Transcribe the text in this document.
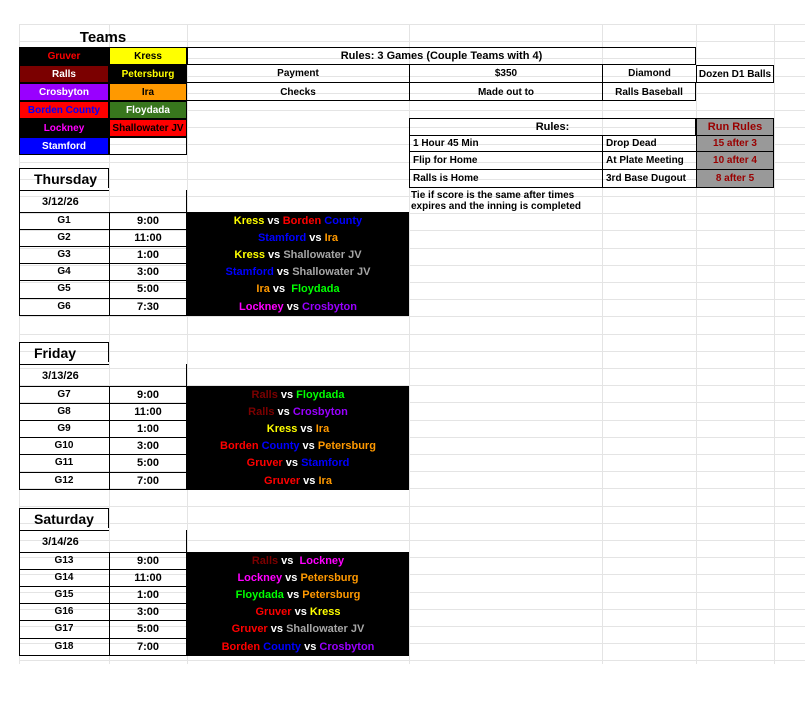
Teams
Gruver	Kress
Ralls	Petersburg
Crosbyton	Ira
Borden County	Floydada
Lockney	Shallowater JV
Stamford
Rules: 3 Games (Couple Teams with 4)
Payment	$350	Diamond	Dozen D1 Balls
Checks	Made out to	Ralls Baseball
Rules:	Run Rules
1 Hour 45 Min	Drop Dead	15 after 3
Flip for Home	At Plate Meeting	10 after 4
Ralls is Home	3rd Base Dugout	8 after 5
Tie if score is the same after times expires and the inning is completed
Thursday
3/12/26
G1	9:00	Kress vs Borden
County
G2	11:00	Stamford vs Ira
G3	1:00	Kress vs Shallowater JV
G4	3:00	Stamford vs Shallowater JV
G5	5:00	Ira vs Floydada
G6	7:30	Lockney vs Crosbyton
Friday
3/13/26
G7	9:00	Ralls vs Floydada
G8	11:00	Ralls vs Crosbyton
G9	1:00	Kress vs Ira
G10	3:00	Borden
County vs Petersburg
G11	5:00	Gruver vs Stamford
G12	7:00	Gruver vs Ira
Saturday
3/14/26
G13	9:00	Ralls vs Lockney
G14	11:00	Lockney vs Petersburg
G15	1:00	Floydada vs Petersburg
G16	3:00	Gruver vs Kress
G17	5:00	Gruver vs Shallowater JV
G18	7:00	Borden
County vs Crosbyton
